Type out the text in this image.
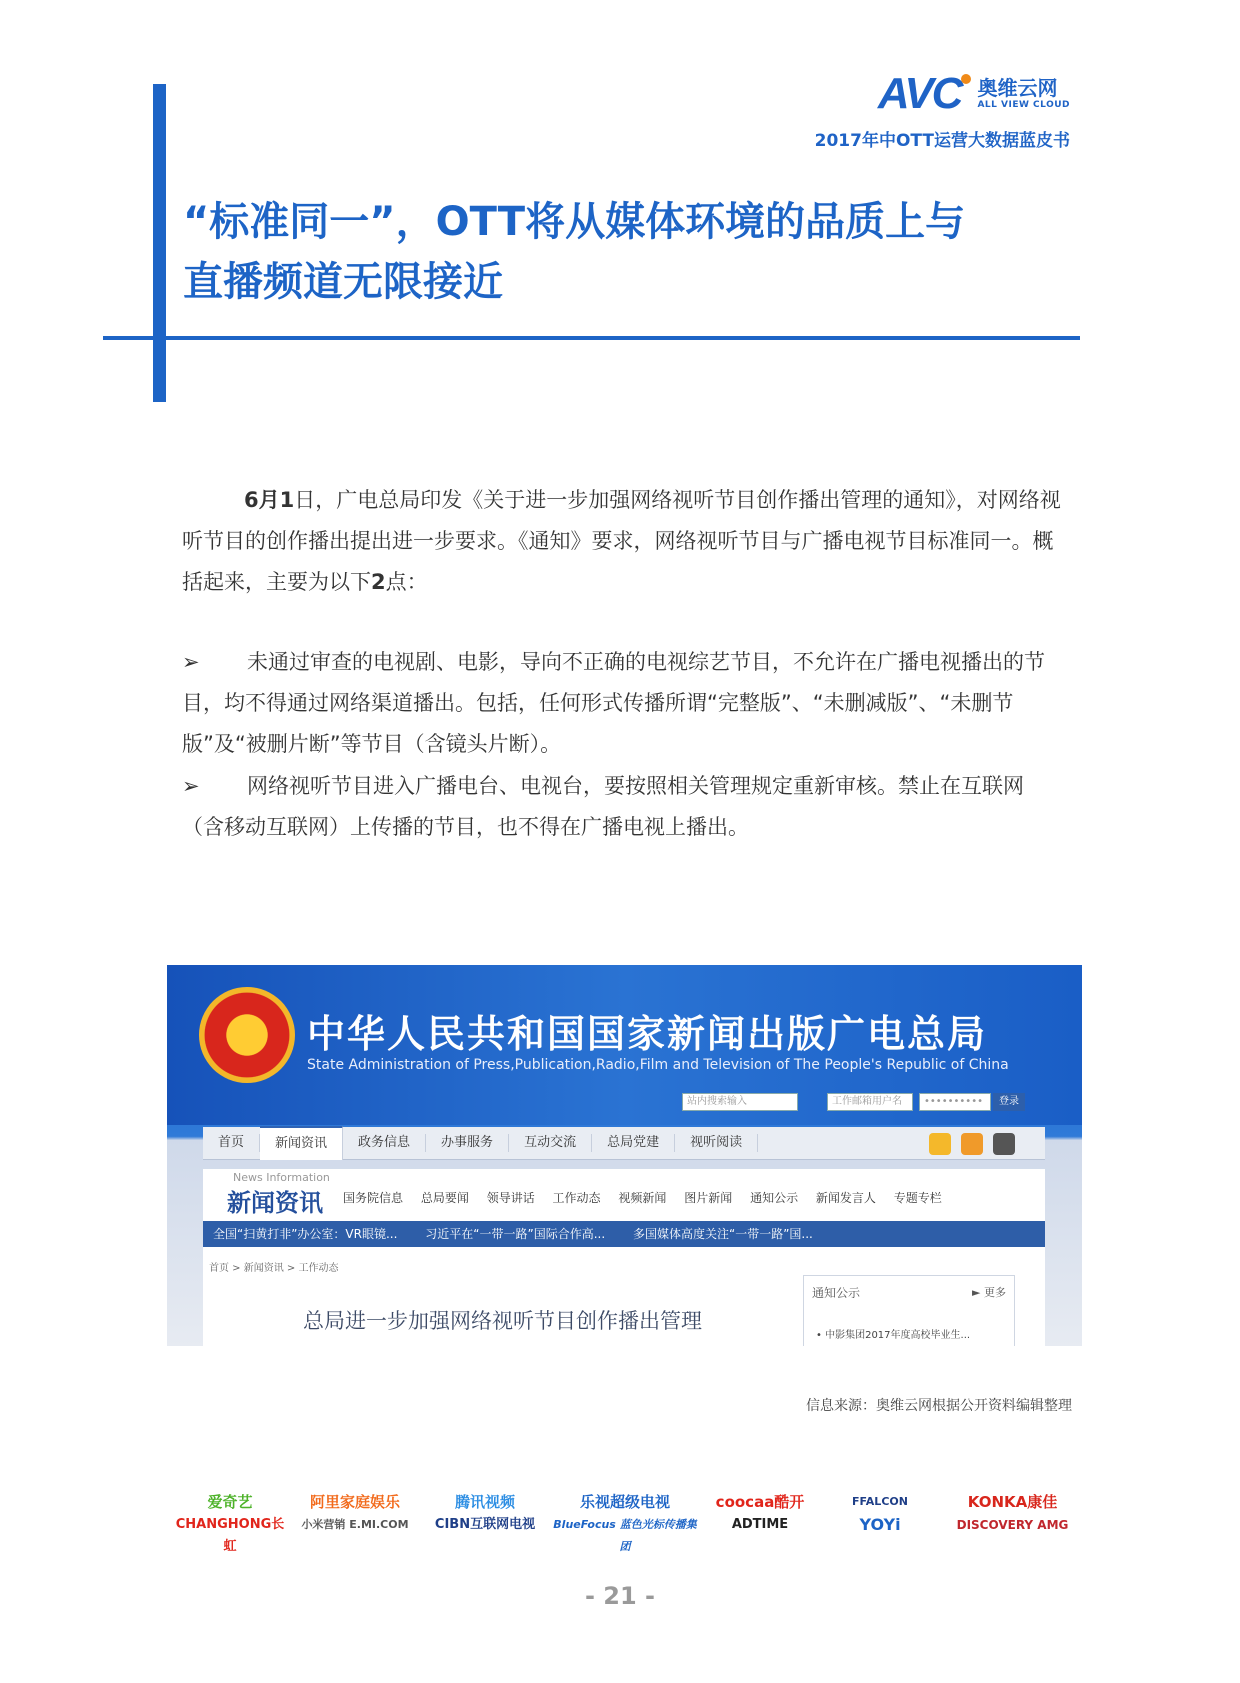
AVC 奥维云网
ALL VIEW CLOUD
2017年中OTT运营大数据蓝皮书
“标准同一”，OTT将从媒体环境的品质上与
直播频道无限接近

6月1日，广电总局印发《关于进一步加强网络视听节目创作播出管理的通知》，对网络视听节目的创作播出提出进一步要求。《通知》要求，网络视听节目与广播电视节目标准同一。概括起来，主要为以下2点：

➢ 未通过审查的电视剧、电影，导向不正确的电视综艺节目，不允许在广播电视播出的节目，均不得通过网络渠道播出。包括，任何形式传播所谓“完整版”、“未删减版”、“未删节版”及“被删片断”等节目（含镜头片断）。

➢ 网络视听节目进入广播电台、电视台，要按照相关管理规定重新审核。禁止在互联网（含移动互联网）上传播的节目，也不得在广播电视上播出。

中华人民共和国国家新闻出版广电总局
State Administration of Press,Publication,Radio,Film and Television of The People's Republic of China
站内搜索输入	工作邮箱用户名	••••••••••	登录
首页	新闻资讯	政务信息	办事服务	互动交流	总局党建	视听阅读
News Information
新闻资讯 国务院信息 总局要闻 领导讲话 工作动态 视频新闻 图片新闻 通知公示 新闻发言人 专题专栏
全国“扫黄打非”办公室：VR眼镜... 习近平在“一带一路”国际合作高... 多国媒体高度关注“一带一路”国...
首页 > 新闻资讯 > 工作动态
总局进一步加强网络视听节目创作播出管理
通知公示	► 更多
• 中影集团2017年度高校毕业生...
信息来源：奥维云网根据公开资料编辑整理
爱奇艺
CHANGHONG长虹
阿里家庭娱乐
小米营销 E.MI.COM
腾讯视频
CIBN互联网电视
乐视超级电视
BlueFocus 蓝色光标传播集团
coocaa酷开
ADTIME
FFALCON
YOYi
KONKA康佳
DISCOVERY AMG
- 21 -
